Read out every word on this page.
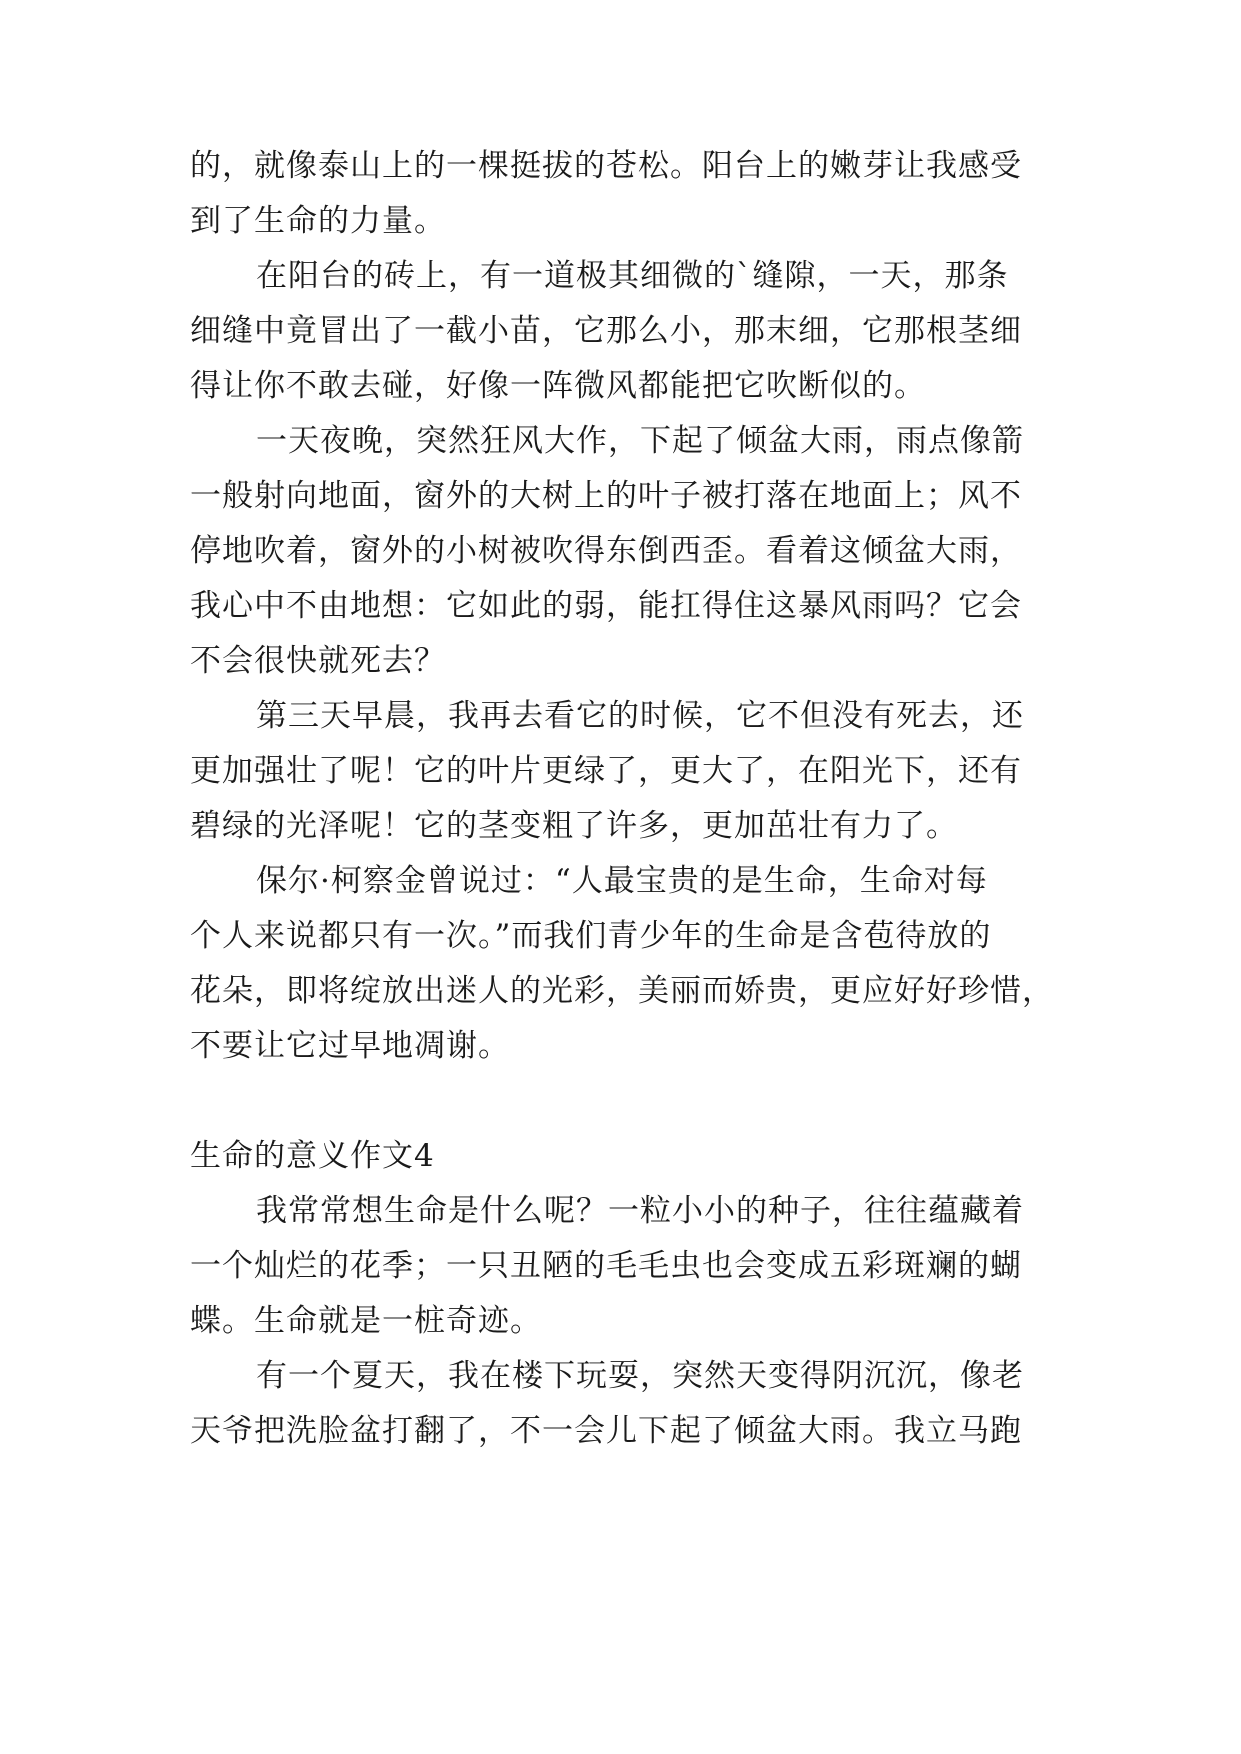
的，就像泰山上的一棵挺拔的苍松。阳台上的嫩芽让我感受
到了生命的力量。
在阳台的砖上，有一道极其细微的`缝隙，一天，那条
细缝中竟冒出了一截小苗，它那么小，那末细，它那根茎细
得让你不敢去碰，好像一阵微风都能把它吹断似的。
一天夜晚，突然狂风大作，下起了倾盆大雨，雨点像箭
一般射向地面，窗外的大树上的叶子被打落在地面上；风不
停地吹着，窗外的小树被吹得东倒西歪。看着这倾盆大雨，
我心中不由地想：它如此的弱，能扛得住这暴风雨吗？它会
不会很快就死去？
第三天早晨，我再去看它的时候，它不但没有死去，还
更加强壮了呢！它的叶片更绿了，更大了，在阳光下，还有
碧绿的光泽呢！它的茎变粗了许多，更加茁壮有力了。
保尔·柯察金曾说过：“人最宝贵的是生命，生命对每
个人来说都只有一次。”而我们青少年的生命是含苞待放的
花朵，即将绽放出迷人的光彩，美丽而娇贵，更应好好珍惜，
不要让它过早地凋谢。
生命的意义作文4
我常常想生命是什么呢？一粒小小的种子，往往蕴藏着
一个灿烂的花季；一只丑陋的毛毛虫也会变成五彩斑斓的蝴
蝶。生命就是一桩奇迹。
有一个夏天，我在楼下玩耍，突然天变得阴沉沉，像老
天爷把洗脸盆打翻了，不一会儿下起了倾盆大雨。我立马跑
